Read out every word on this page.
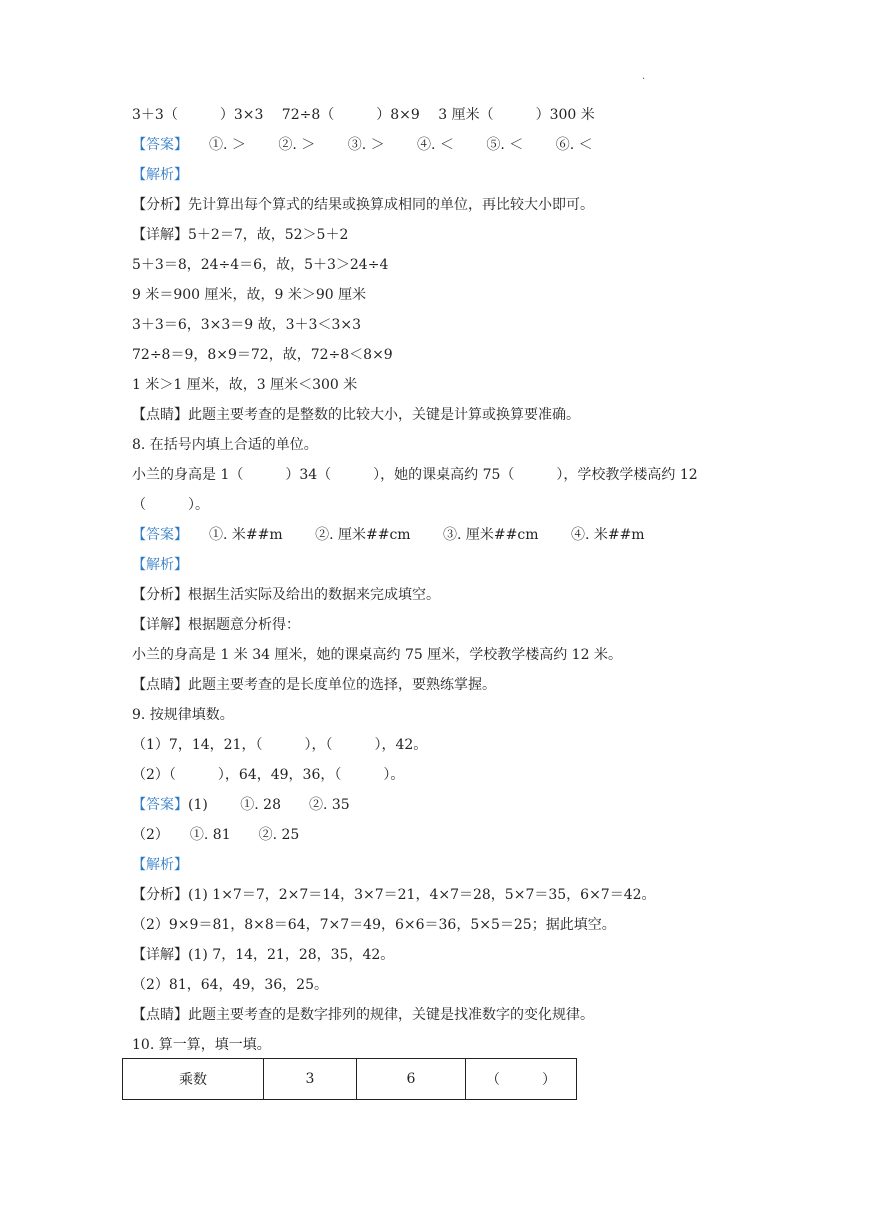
·
3＋3（　　　）3×3　 72÷8（　　　）8×9　 3 厘米（　　　）300 米
【答案】　　①. ＞　　 ②. ＞　　 ③. ＞　　 ④. ＜　　 ⑤. ＜　　 ⑥. ＜
【解析】
【分析】先计算出每个算式的结果或换算成相同的单位，再比较大小即可。
【详解】5＋2＝7，故，52＞5＋2
5＋3＝8，24÷4＝6，故，5＋3＞24÷4
9 米＝900 厘米，故，9 米＞90 厘米
3＋3＝6，3×3＝9 故，3＋3＜3×3
72÷8＝9，8×9＝72，故，72÷8＜8×9
1 米＞1 厘米，故，3 厘米＜300 米
【点睛】此题主要考查的是整数的比较大小，关键是计算或换算要准确。
8. 在括号内填上合适的单位。
小兰的身高是 1（　　　）34（　　　），她的课桌高约 75（　　　），学校教学楼高约 12
（　　　）。
【答案】　　①. 米##m　　 ②. 厘米##cm　　 ③. 厘米##cm　　 ④. 米##m
【解析】
【分析】根据生活实际及给出的数据来完成填空。
【详解】根据题意分析得：
小兰的身高是 1 米 34 厘米，她的课桌高约 75 厘米，学校教学楼高约 12 米。
【点睛】此题主要考查的是长度单位的选择，要熟练掌握。
9. 按规律填数。
（1）7，14，21，（　　　），（　　　），42。
（2）（　　　），64，49，36，（　　　）。
【答案】(1)　　 ①. 28　　②. 35
（2）　　①. 81　　②. 25
【解析】
【分析】(1) 1×7＝7，2×7＝14，3×7＝21，4×7＝28，5×7＝35，6×7＝42。
（2）9×9＝81，8×8＝64，7×7＝49，6×6＝36，5×5＝25；据此填空。
【详解】(1) 7，14，21，28，35，42。
（2）81，64，49，36，25。
【点睛】此题主要考查的是数字排列的规律，关键是找准数字的变化规律。
10. 算一算，填一填。
乘数	3	6	（　　　）
